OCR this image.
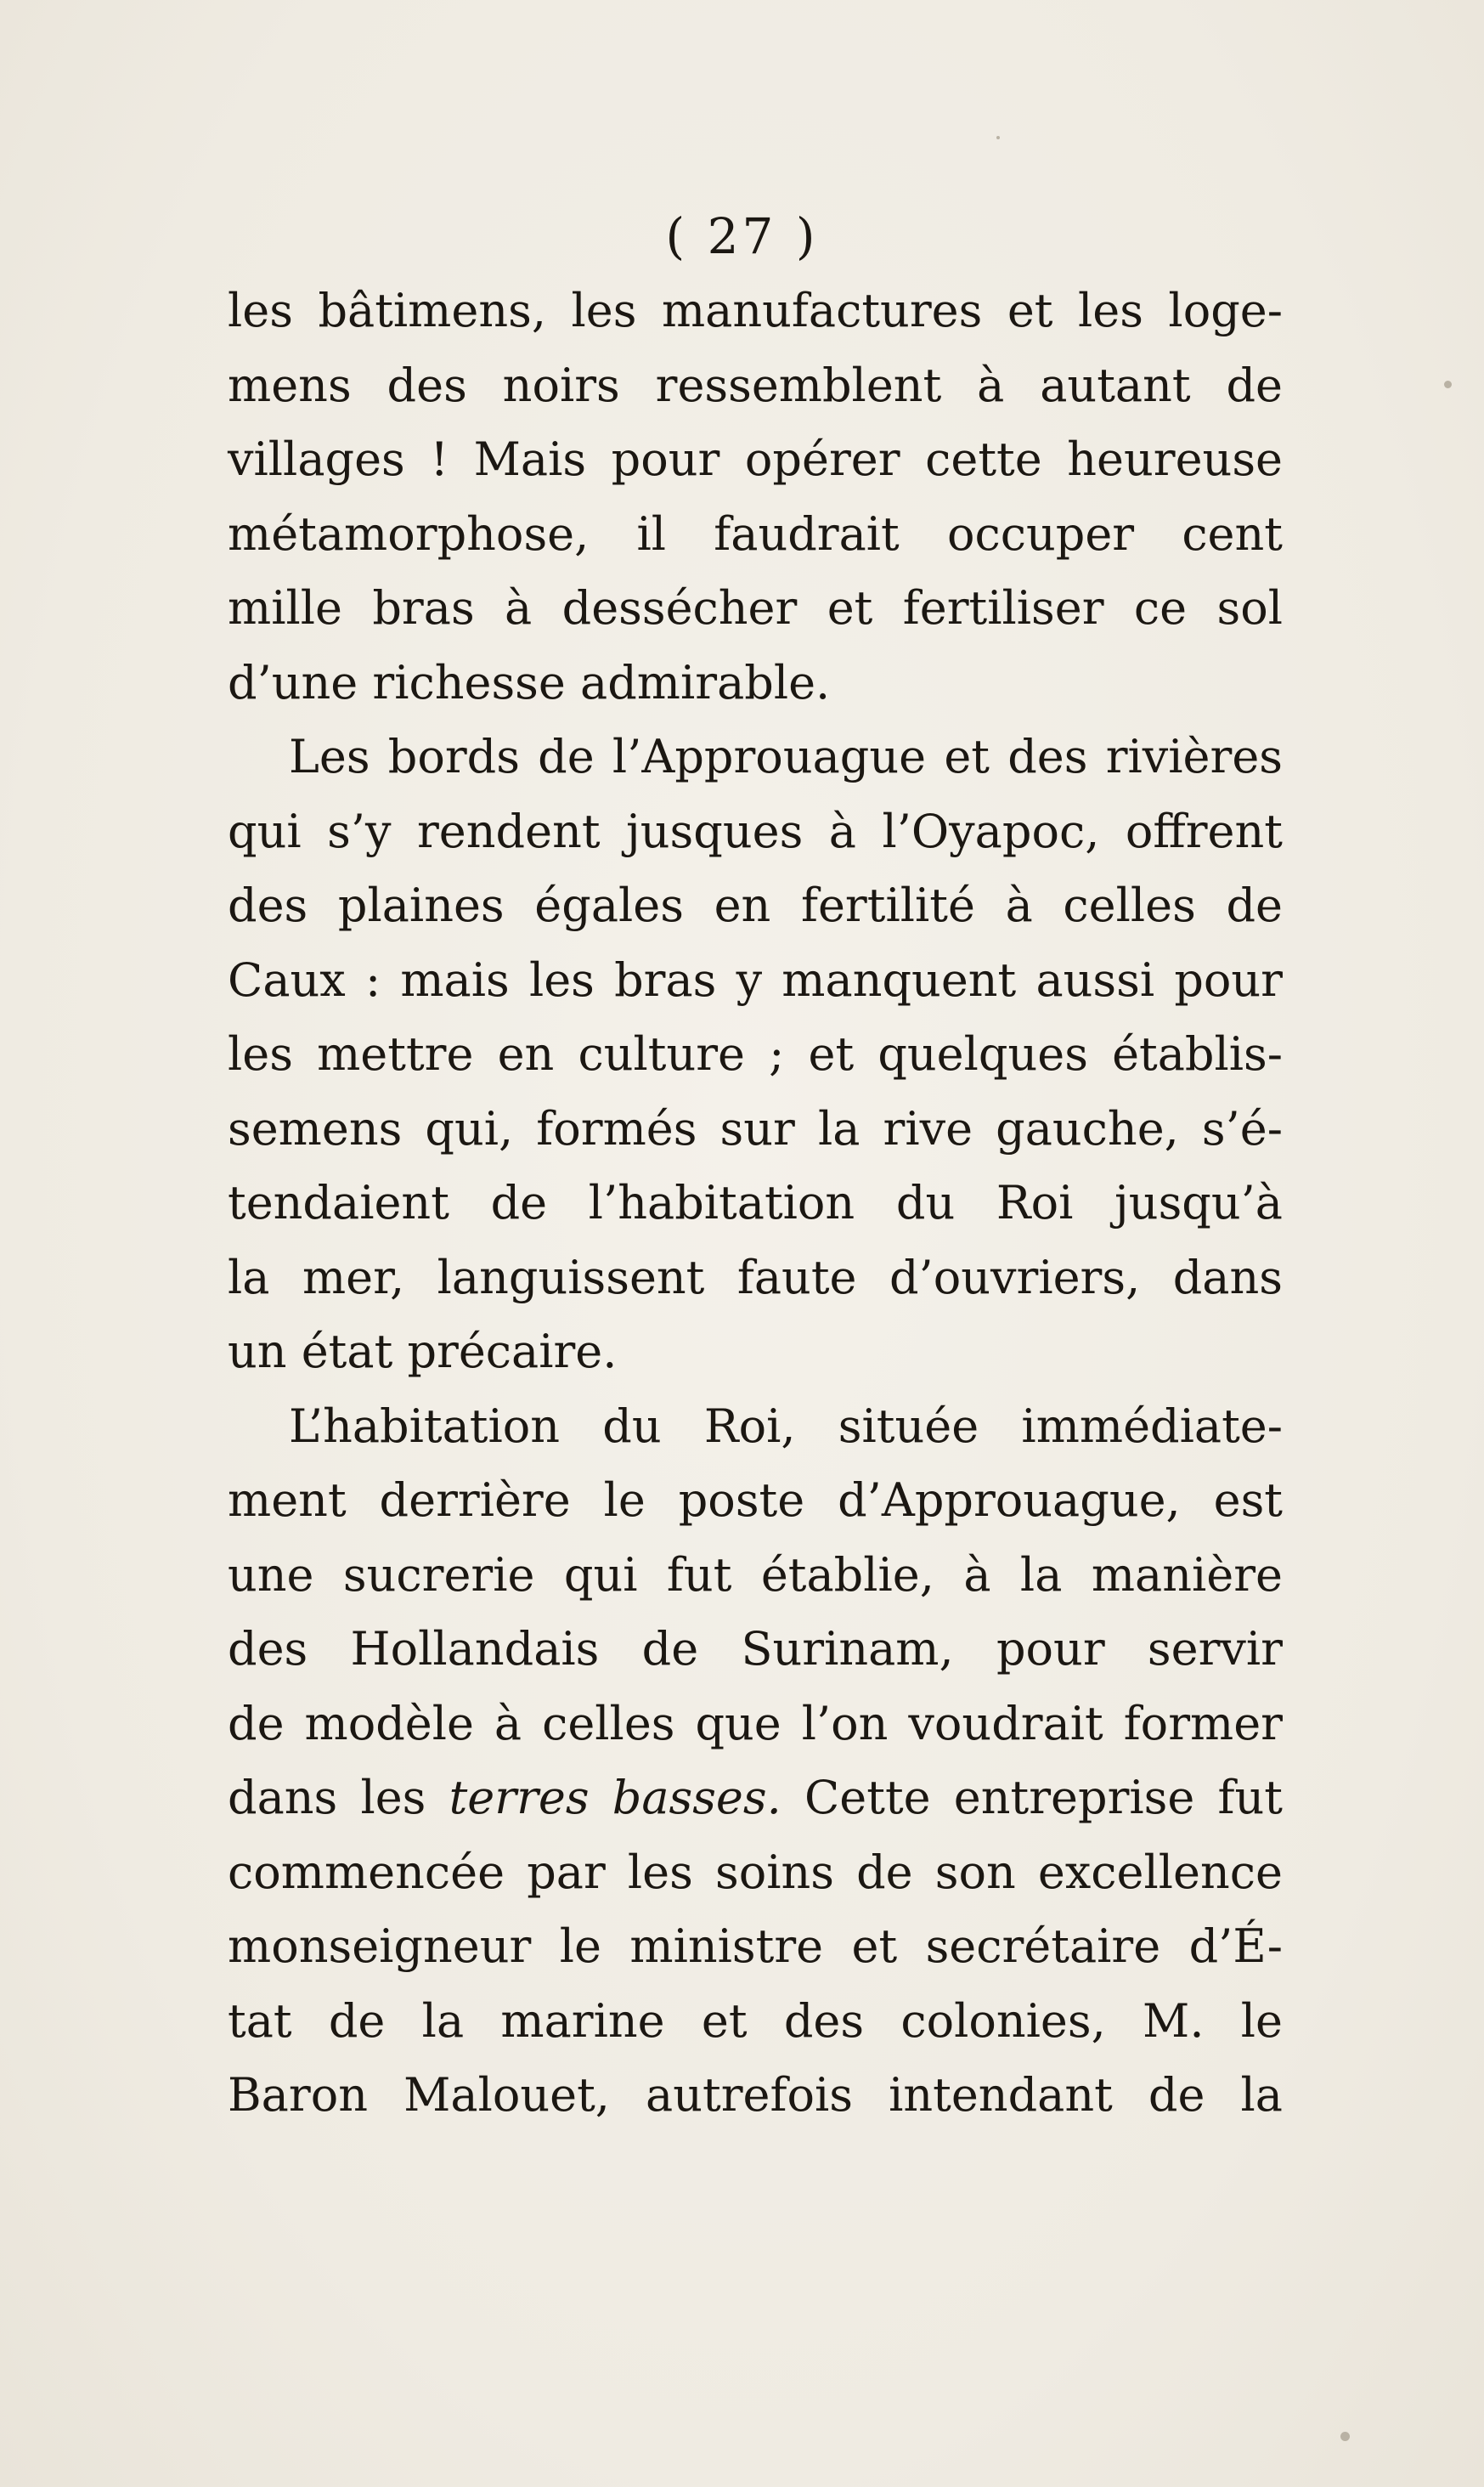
( 27 )

les bâtimens, les manufactures et les loge-
mens des noirs ressemblent à autant de
villages ! Mais pour opérer cette heureuse
métamorphose, il faudrait occuper cent
mille bras à dessécher et fertiliser ce sol
d’une richesse admirable.

Les bords de l’Approuague et des rivières
qui s’y rendent jusques à l’Oyapoc, offrent
des plaines égales en fertilité à celles de
Caux : mais les bras y manquent aussi pour
les mettre en culture ; et quelques établis-
semens qui, formés sur la rive gauche, s’é-
tendaient de l’habitation du Roi jusqu’à
la mer, languissent faute d’ouvriers, dans
un état précaire.

L’habitation du Roi, située immédiate-
ment derrière le poste d’Approuague, est
une sucrerie qui fut établie, à la manière
des Hollandais de Surinam, pour servir
de modèle à celles que l’on voudrait former
dans les terres basses. Cette entreprise fut
commencée par les soins de son excellence
monseigneur le ministre et secrétaire d’É-
tat de la marine et des colonies, M. le
Baron Malouet, autrefois intendant de la
